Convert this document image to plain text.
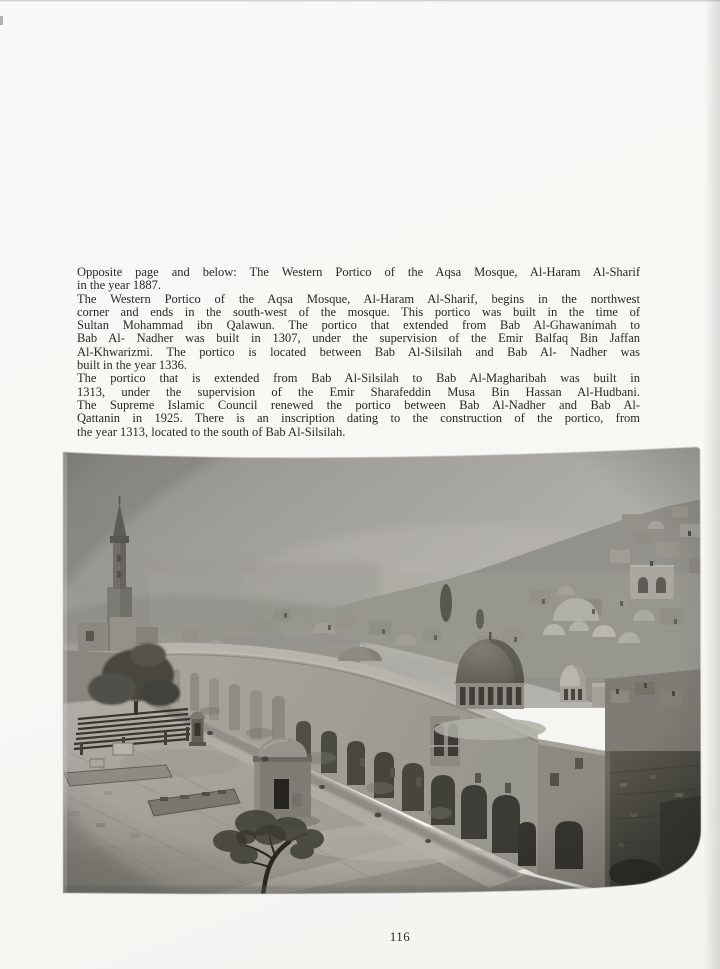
Opposite page and below: The Western Portico of the Aqsa Mosque, Al-Haram Al-Sharif
in the year 1887.
The Western Portico of the Aqsa Mosque, Al-Haram Al-Sharif, begins in the northwest
corner and ends in the south-west of the mosque. This portico was built in the time of
Sultan Mohammad ibn Qalawun. The portico that extended from Bab Al-Ghawanimah to
Bab Al- Nadher was built in 1307, under the supervision of the Emir Balfaq Bin Jaffan
Al-Khwarizmi. The portico is located between Bab Al-Silsilah and Bab Al- Nadher was
built in the year 1336.
The portico that is extended from Bab Al-Silsilah to Bab Al-Magharibah was built in
1313, under the supervision of the Emir Sharafeddin Musa Bin Hassan Al-Hudbani.
The Supreme Islamic Council renewed the portico between Bab Al-Nadher and Bab Al-
Qattanin in 1925. There is an inscription dating to the construction of the portico, from
the year 1313, located to the south of Bab Al-Silsilah.
116
